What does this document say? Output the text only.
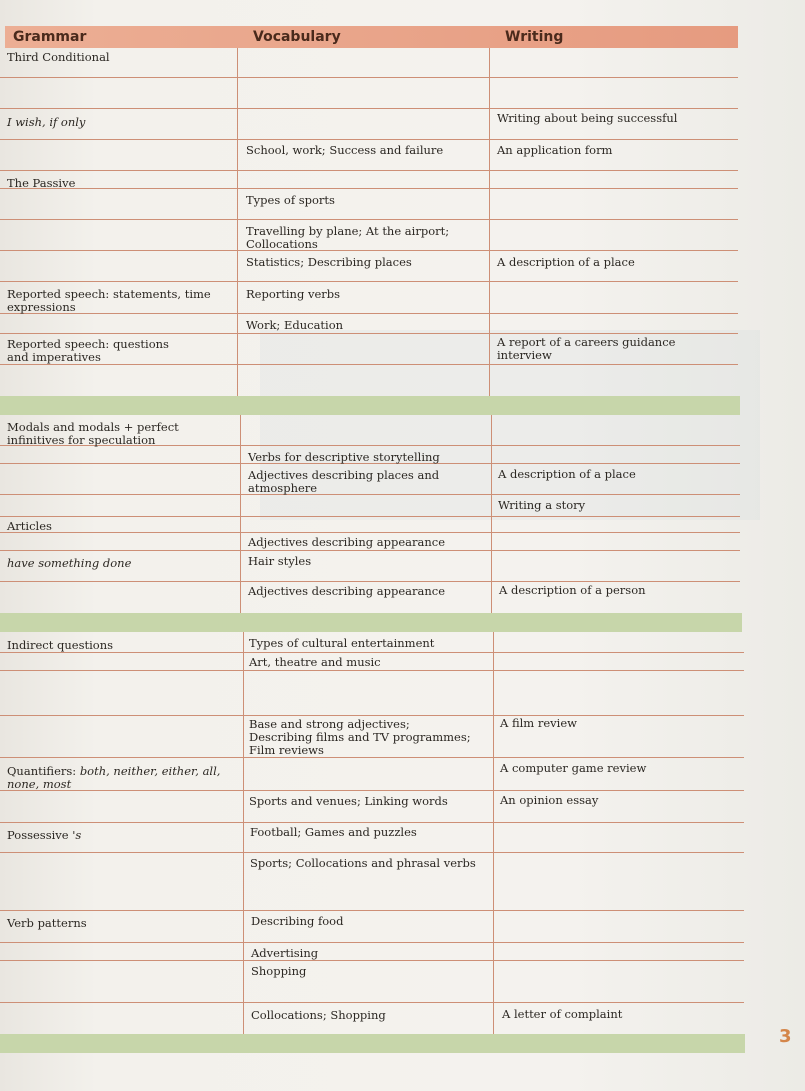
Grammar	Vocabulary	Writing
Third Conditional
I wish, if only
The Passive
Reported speech: statements, time
expressions
Reported speech: questions
and imperatives
Modals and modals + perfect
infinitives for speculation
Articles
have something done
Indirect questions
Quantifiers: both, neither, either, all,
none, most
Possessive 's
Verb patterns
School, work; Success and failure
Types of sports
Travelling by plane; At the airport;
Collocations
Statistics; Describing places
Reporting verbs
Work; Education
Verbs for descriptive storytelling
Adjectives describing places and
atmosphere
Adjectives describing appearance
Hair styles
Adjectives describing appearance
Types of cultural entertainment
Art, theatre and music
Base and strong adjectives;
Describing films and TV programmes;
Film reviews
Sports and venues; Linking words
Football; Games and puzzles
Sports; Collocations and phrasal verbs
Describing food
Advertising
Shopping
Collocations; Shopping
Writing about being successful
An application form
A description of a place
A report of a careers guidance
interview
A description of a place
Writing a story
A description of a person
A film review
A computer game review
An opinion essay
A letter of complaint
3
